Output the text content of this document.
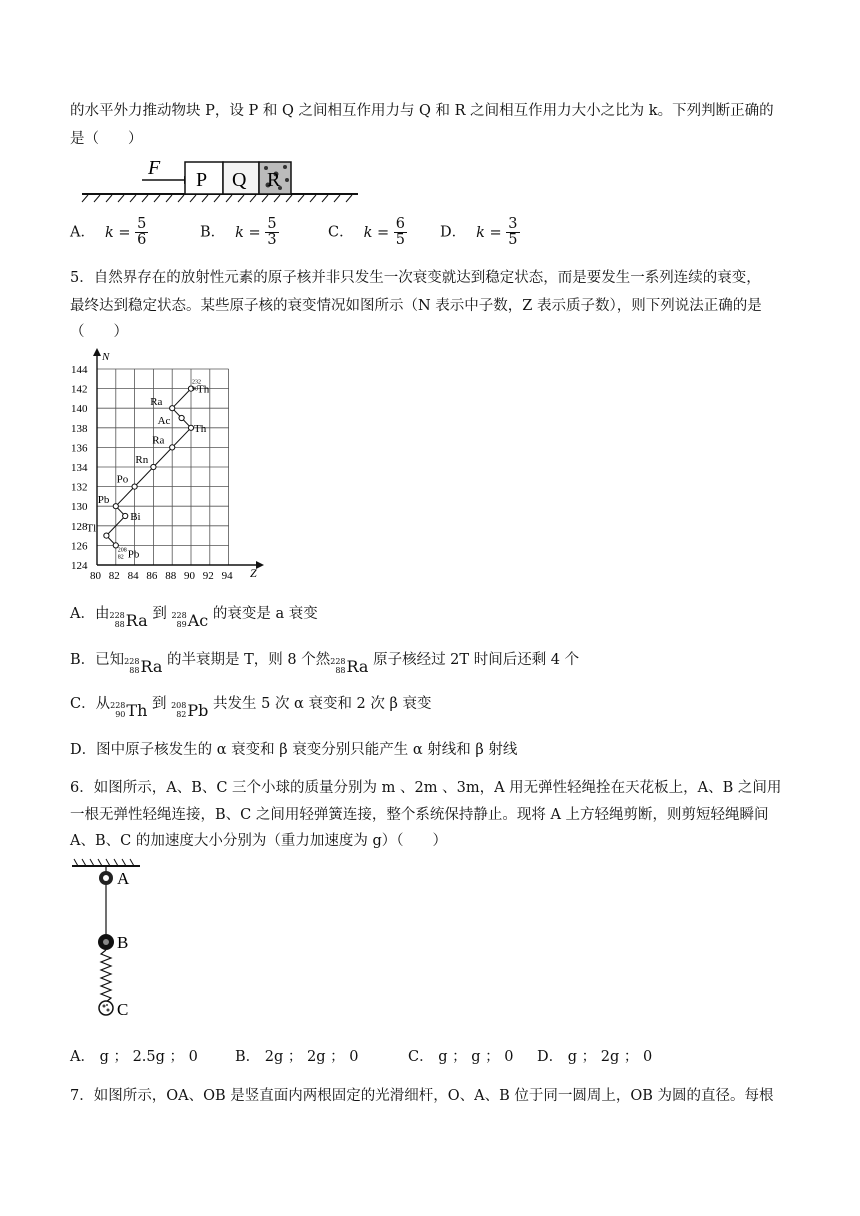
的水平外力推动物块 P，设 P 和 Q 之间相互作用力与 Q 和 R 之间相互作用力大小之比为 k。下列判断正确的
是（　　）
F
P Q R
A． $k = \frac{5}{6}$	B． $k = \frac{5}{3}$	C． $k = \frac{6}{5}$ D． $k = \frac{3}{5}$
5．自然界存在的放射性元素的原子核并非只发生一次衰变就达到稳定状态，而是要发生一系列连续的衰变，
最终达到稳定状态。某些原子核的衰变情况如图所示（N 表示中子数，Z 表示质子数），则下列说法正确的是
（　　）
N
Z
144
142
140
138
136
134
132
130
128
126
124
80 82 84 86 88 90 92 94
Th
Ra
Ac
Th
Ra
Rn
Po
Pb
Bi
Tl
232
90
208
82 Pb
A．由 228
88 Ra 到 228
89 Ac 的衰变是 a 衰变
B．已知 228
88 Ra 的半衰期是 T，则 8 个然 228
88 Ra 原子核经过 2T 时间后还剩 4 个
C．从 228
90 Th 到 208
82 Pb 共发生 5 次 α 衰变和 2 次 β 衰变
D．图中原子核发生的 α 衰变和 β 衰变分别只能产生 α 射线和 β 射线
6．如图所示，A、B、C 三个小球的质量分别为 m 、2m 、3m，A 用无弹性轻绳拴在天花板上，A、B 之间用
一根无弹性轻绳连接，B、C 之间用轻弹簧连接，整个系统保持静止。现将 A 上方轻绳剪断，则剪短轻绳瞬间
A、B、C 的加速度大小分别为（重力加速度为 g）（　　）
A
B
C
A． g ； 2.5g ； 0	B． 2g ； 2g ； 0	C． g ； g ； 0 D． g ； 2g ； 0
7．如图所示，OA、OB 是竖直面内两根固定的光滑细杆，O、A、B 位于同一圆周上，OB 为圆的直径。每根
